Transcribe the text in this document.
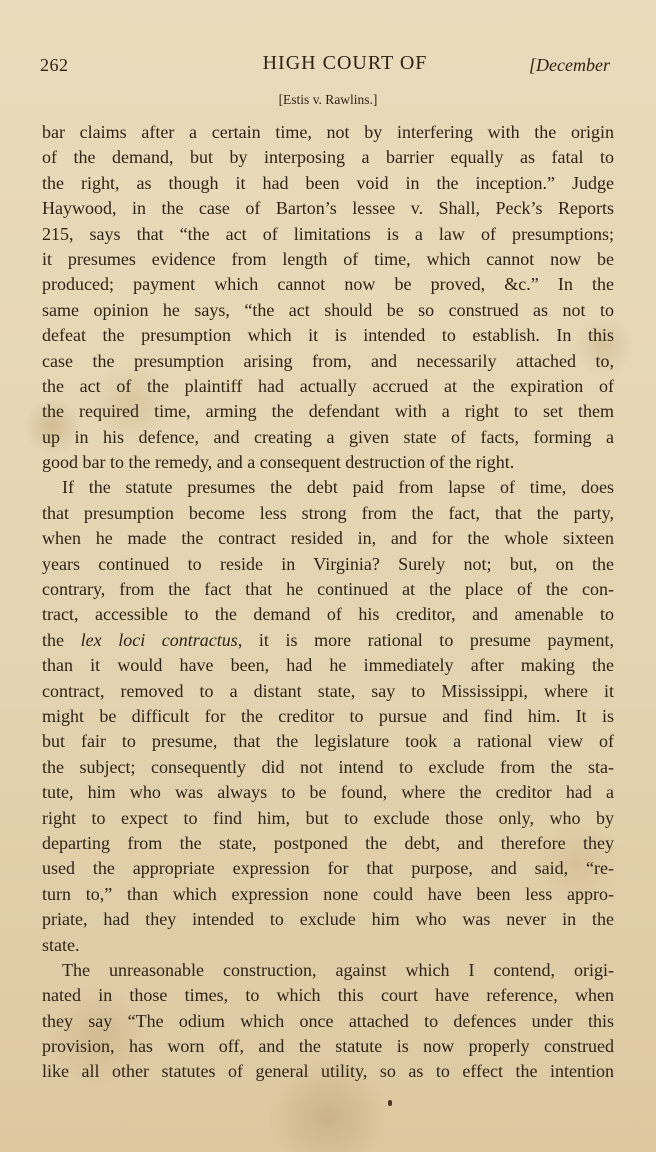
262	HIGH COURT OF	[December
[Estis v. Rawlins.]
bar claims after a certain time, not by interfering with the origin
of the demand, but by interposing a barrier equally as fatal to
the right, as though it had been void in the inception.” Judge
Haywood, in the case of Barton’s lessee v. Shall, Peck’s Reports
215, says that “the act of limitations is a law of presumptions;
it presumes evidence from length of time, which cannot now be
produced; payment which cannot now be proved, &c.” In the
same opinion he says, “the act should be so construed as not to
defeat the presumption which it is intended to establish. In this
case the presumption arising from, and necessarily attached to,
the act of the plaintiff had actually accrued at the expiration of
the required time, arming the defendant with a right to set them
up in his defence, and creating a given state of facts, forming a
good bar to the remedy, and a consequent destruction of the right.
If the statute presumes the debt paid from lapse of time, does
that presumption become less strong from the fact, that the party,
when he made the contract resided in, and for the whole sixteen
years continued to reside in Virginia? Surely not; but, on the
contrary, from the fact that he continued at the place of the con-
tract, accessible to the demand of his creditor, and amenable to
the lex loci contractus, it is more rational to presume payment,
than it would have been, had he immediately after making the
contract, removed to a distant state, say to Mississippi, where it
might be difficult for the creditor to pursue and find him. It is
but fair to presume, that the legislature took a rational view of
the subject; consequently did not intend to exclude from the sta-
tute, him who was always to be found, where the creditor had a
right to expect to find him, but to exclude those only, who by
departing from the state, postponed the debt, and therefore they
used the appropriate expression for that purpose, and said, “re-
turn to,” than which expression none could have been less appro-
priate, had they intended to exclude him who was never in the
state.
The unreasonable construction, against which I contend, origi-
nated in those times, to which this court have reference, when
they say “The odium which once attached to defences under this
provision, has worn off, and the statute is now properly construed
like all other statutes of general utility, so as to effect the intention
